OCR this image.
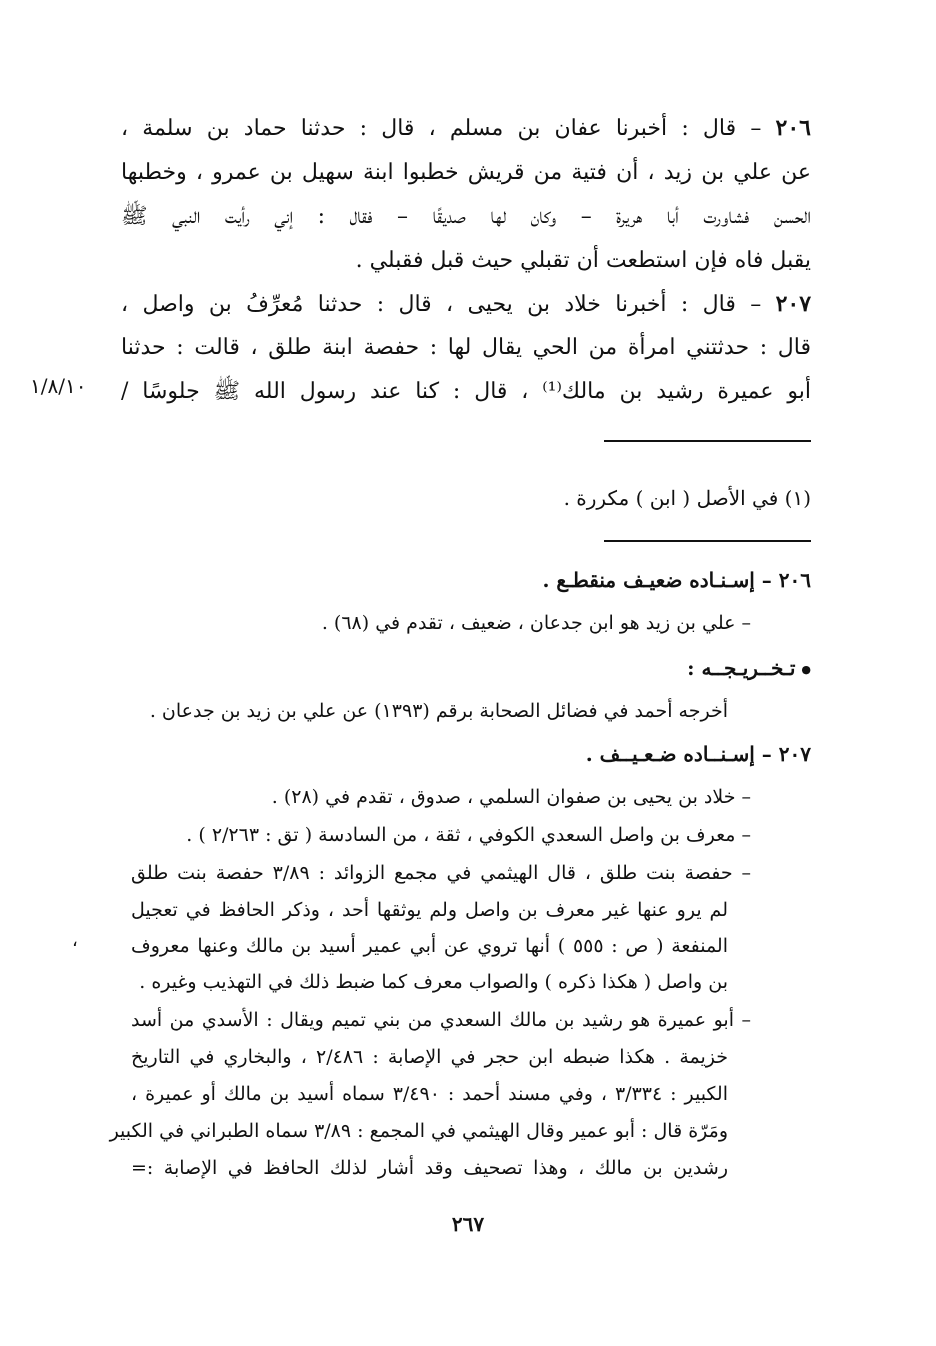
٢٠٦ – قال : أخبرنا عفان بن مسلم ، قال : حدثنا حماد بن سلمة ،
عن علي بن زيد ، أن فتية من قريش خطبوا ابنة سهيل بن عمرو ، وخطبها
الحسن فشاورت أبا هريرة – وكان لها صديقًا – فقال : إني رأيت النبي ﷺ
يقبل فاه فإن استطعت أن تقبلي حيث قبل فقبلي .
٢٠٧ – قال : أخبرنا خلاد بن يحيى ، قال : حدثنا مُعرِّفُ بن واصل ،
قال : حدثتني امرأة من الحي يقال لها : حفصة ابنة طلق ، قالت : حدثنا
أبو عميرة رشيد بن مالك⁽¹⁾ ، قال : كنا عند رسول الله ﷺ جلوسًا /
١/٨/١٠
(١) في الأصل ( ابن ) مكررة .
٢٠٦ – إسـنـاده ضعيـف منقطـع .
– علي بن زيد هو ابن جدعان ، ضعيف ، تقدم في (٦٨) .
● تـخــريـجــه :
أخرجه أحمد في فضائل الصحابة برقم (١٣٩٣) عن علي بن زيد بن جدعان .
٢٠٧ – إسـنــاده ضـعـيــف .
– خلاد بن يحيى بن صفوان السلمي ، صدوق ، تقدم في (٢٨) .
– معرف بن واصل السعدي الكوفي ، ثقة ، من السادسة ( تق : ٢/٢٦٣ ) .
– حفصة بنت طلق ، قال الهيثمي في مجمع الزوائد : ٣/٨٩ حفصة بنت طلق
لم يرو عنها غير معرف بن واصل ولم يوثقها أحد ، وذكر الحافظ في تعجيل
المنفعة ( ص : ٥٥٥ ) أنها تروي عن أبي عمير أسيد بن مالك وعنها معروف
بن واصل ( هكذا ذكره ) والصواب معرف كما ضبط ذلك في التهذيب وغيره .
– أبو عميرة هو رشيد بن مالك السعدي من بني تميم ويقال : الأسدي من أسد
خزيمة . هكذا ضبطه ابن حجر في الإصابة : ٢/٤٨٦ ، والبخاري في التاريخ
الكبير : ٣/٣٣٤ ، وفي مسند أحمد : ٣/٤٩٠ سماه أسيد بن مالك أو عميرة ،
ومَرّة قال : أبو عمير وقال الهيثمي في المجمع : ٣/٨٩ سماه الطبراني في الكبير
رشدين بن مالك ، وهذا تصحيف وقد أشار لذلك الحافظ في الإصابة :=
،
٢٦٧
